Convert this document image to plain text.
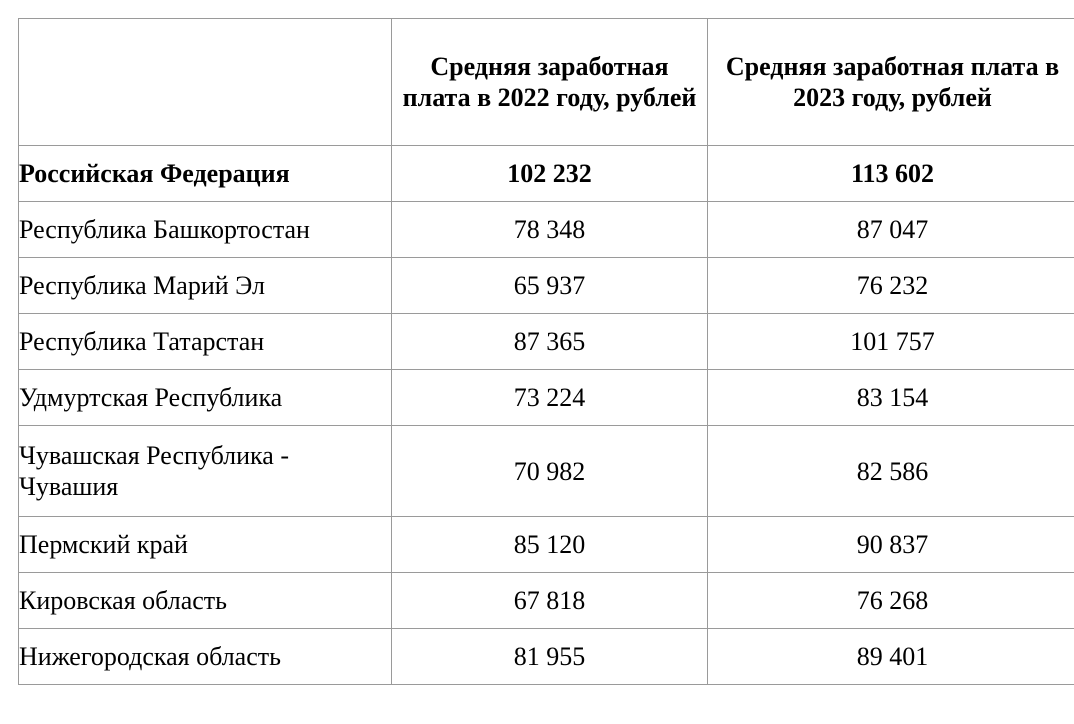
	Средняя заработная плата в 2022 году, рублей	Средняя заработная плата в 2023 году, рублей
Российская Федерация	102 232	113 602
Республика Башкортостан	78 348	87 047
Республика Марий Эл	65 937	76 232
Республика Татарстан	87 365	101 757
Удмуртская Республика	73 224	83 154
Чувашская Республика - Чувашия	70 982	82 586
Пермский край	85 120	90 837
Кировская область	67 818	76 268
Нижегородская область	81 955	89 401
